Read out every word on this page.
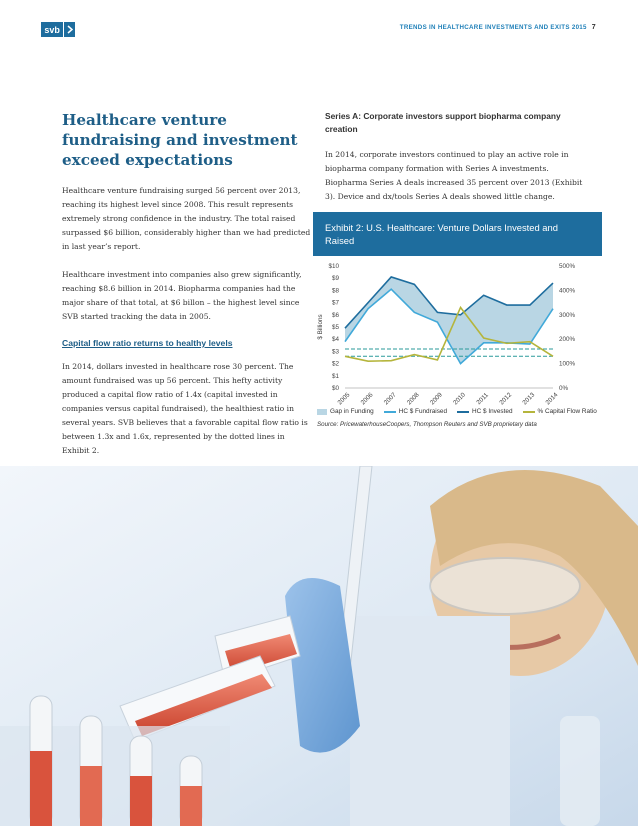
svb	TRENDS IN HEALTHCARE INVESTMENTS AND EXITS 2015 7
Healthcare venture fundraising and investment exceed expectations

Healthcare venture fundraising surged 56 percent over 2013, reaching its highest level since 2008. This result represents extremely strong confidence in the industry. The total raised surpassed $6 billion, considerably higher than we had predicted in last year’s report.

Healthcare investment into companies also grew significantly, reaching $8.6 billion in 2014. Biopharma companies had the major share of that total, at $6 billon – the highest level since SVB started tracking the data in 2005.

Capital flow ratio returns to healthy levels

In 2014, dollars invested in healthcare rose 30 percent. The amount fundraised was up 56 percent. This hefty activity produced a capital flow ratio of 1.4x (capital invested in companies versus capital fundraised), the healthiest ratio in several years. SVB believes that a favorable capital flow ratio is between 1.3x and 1.6x, represented by the dotted lines in Exhibit 2.

Series A: Corporate investors support biopharma company creation

In 2014, corporate investors continued to play an active role in biopharma company formation with Series A investments. Biopharma Series A deals increased 35 percent over 2013 (Exhibit 3). Device and dx/tools Series A deals showed little change.

Exhibit 2: U.S. Healthcare: Venture Dollars Invested and Raised
$0
$1
$2
$3
$4
$5
$6
$7
$8
$9
$10
0%
100%
200%
300%
400%
500%
$ Billions
2005 2006 2007 2008 2009 2010 2011 2012 2013 2014
Gap in Funding	HC $ Fundraised	HC $ Invested	% Capital Flow Ratio
Source: PricewaterhouseCoopers, Thompson Reuters and SVB proprietary data
